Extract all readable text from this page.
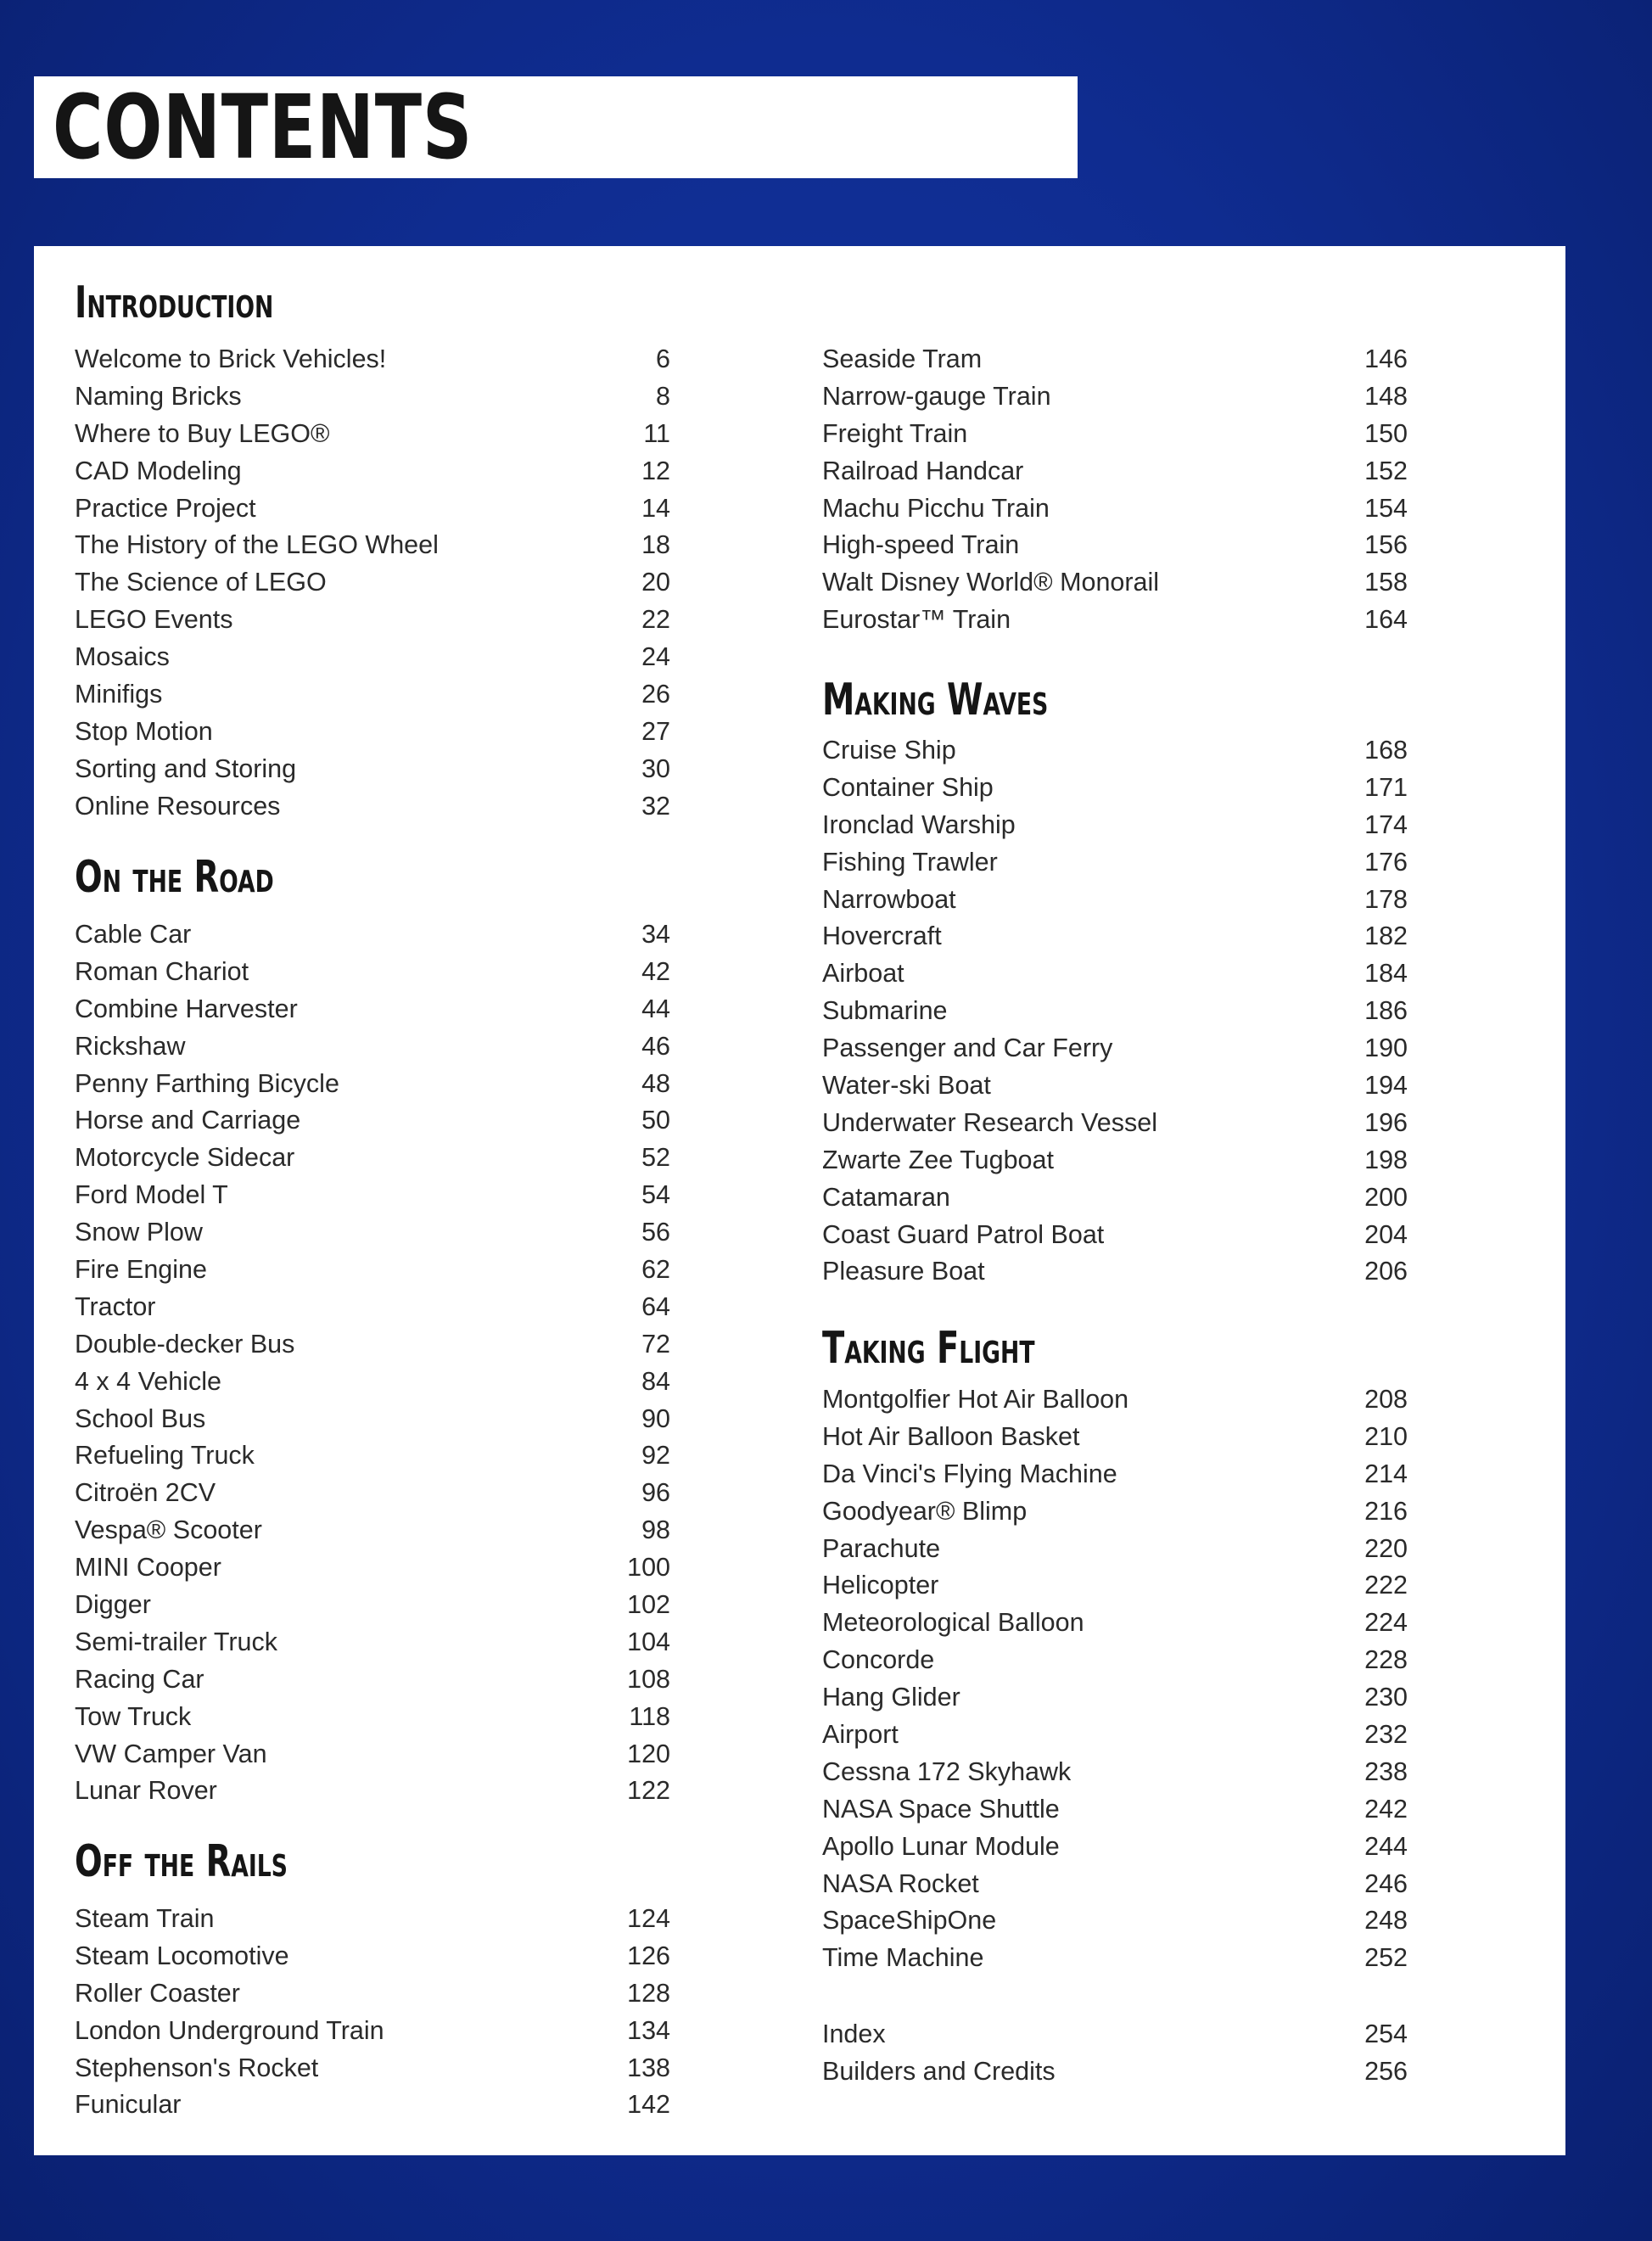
CONTENTS
Introduction
Welcome to Brick Vehicles!	6
Naming Bricks	8
Where to Buy LEGO®	11
CAD Modeling	12
Practice Project	14
The History of the LEGO Wheel	18
The Science of LEGO	20
LEGO Events	22
Mosaics	24
Minifigs	26
Stop Motion	27
Sorting and Storing	30
Online Resources	32
On the Road
Cable Car	34
Roman Chariot	42
Combine Harvester	44
Rickshaw	46
Penny Farthing Bicycle	48
Horse and Carriage	50
Motorcycle Sidecar	52
Ford Model T	54
Snow Plow	56
Fire Engine	62
Tractor	64
Double-decker Bus	72
4 x 4 Vehicle	84
School Bus	90
Refueling Truck	92
Citroën 2CV	96
Vespa® Scooter	98
MINI Cooper	100
Digger	102
Semi-trailer Truck	104
Racing Car	108
Tow Truck	118
VW Camper Van	120
Lunar Rover	122
Off the Rails
Steam Train	124
Steam Locomotive	126
Roller Coaster	128
London Underground Train	134
Stephenson's Rocket	138
Funicular	142
Seaside Tram	146
Narrow-gauge Train	148
Freight Train	150
Railroad Handcar	152
Machu Picchu Train	154
High-speed Train	156
Walt Disney World® Monorail	158
Eurostar™ Train	164
Making Waves
Cruise Ship	168
Container Ship	171
Ironclad Warship	174
Fishing Trawler	176
Narrowboat	178
Hovercraft	182
Airboat	184
Submarine	186
Passenger and Car Ferry	190
Water-ski Boat	194
Underwater Research Vessel	196
Zwarte Zee Tugboat	198
Catamaran	200
Coast Guard Patrol Boat	204
Pleasure Boat	206
Taking Flight
Montgolfier Hot Air Balloon	208
Hot Air Balloon Basket	210
Da Vinci's Flying Machine	214
Goodyear® Blimp	216
Parachute	220
Helicopter	222
Meteorological Balloon	224
Concorde	228
Hang Glider	230
Airport	232
Cessna 172 Skyhawk	238
NASA Space Shuttle	242
Apollo Lunar Module	244
NASA Rocket	246
SpaceShipOne	248
Time Machine	252
Index	254
Builders and Credits	256
